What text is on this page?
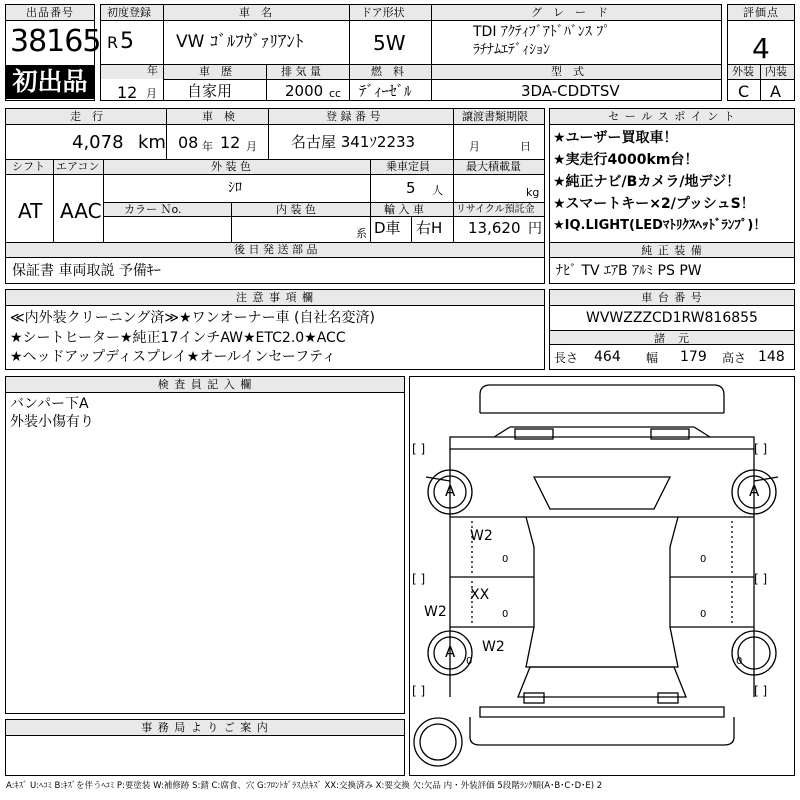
出品番号
38165
初出品
初度登録
R 5
年
12 月
車　名
VW ｺﾞﾙﾌｳﾞｧﾘｱﾝﾄ
ドア形状
5W
グ　レ　ー　ド
TDI ｱｸﾃｨﾌﾞｱﾄﾞﾊﾞﾝｽ ﾌﾟ
ﾗﾁﾅﾑｴﾃﾞｨｼｮﾝ
車　歴
自家用
排 気 量
2000 cc
燃　料
ﾃﾞｨｰｾﾞﾙ
型　式
3DA-CDDTSV
評価点
4
外装 内装
C A
走　行
4,078 km
車　検
08 年 12 月
登 録 番 号
名古屋 341ｿ2233
譲渡書類期限
月	日
シフト
AT
エアコン
AAC
外 装 色
ｼﾛ
乗車定員
5 人
最大積載量
kg
カラー Ｎo.	内 装 色
系
輸 入 車
D車 右H
リサイクル預託金
13,620 円
後 日 発 送 部 品
保証書 車両取説 予備ｷｰ
セ ー ル ス ポ イ ン ト
★ユーザー買取車！
★実走行4000km台！
★純正ナビ/Bカメラ/地デジ！
★スマートキー×2/プッシュS！
★IQ.LIGHT(LEDﾏﾄﾘｸｽﾍｯﾄﾞﾗﾝﾌﾟ)！
純 正 装 備
ﾅﾋﾞ TV ｴｱB ｱﾙﾐ PS PW
注 意 事 項 欄
≪内外装クリーニング済≫★ワンオーナー車 (自社名変済)
★シートヒーター★純正17インチAW★ETC2.0★ACC
★ヘッドアップディスプレイ★オールインセーフティ
車 台 番 号
WVWZZZCD1RW816855
諸　元
長さ 464 幅 179 高さ 148
検 査 員 記 入 欄
バンパー下A
外装小傷有り
事 務 局 よ り ご 案 内
[ ]	[ ]
[ ]	[ ]
[ ]	[ ]
A	A
A
W2
XX
W2
W2
0	0
0	0
0	0
A:ｷｽﾞ U:ﾍｺﾐ B:ｷｽﾞを伴うﾍｺﾐ P:要塗装 W:補修跡 S:錆 C:腐食、穴 G:ﾌﾛﾝﾄｶﾞﾗｽ点ｷｽﾞ XX:交換済み X:要交換 欠:欠品 内・外装評価 5段階ﾗﾝｸ順(A･B･C･D･E) 2
